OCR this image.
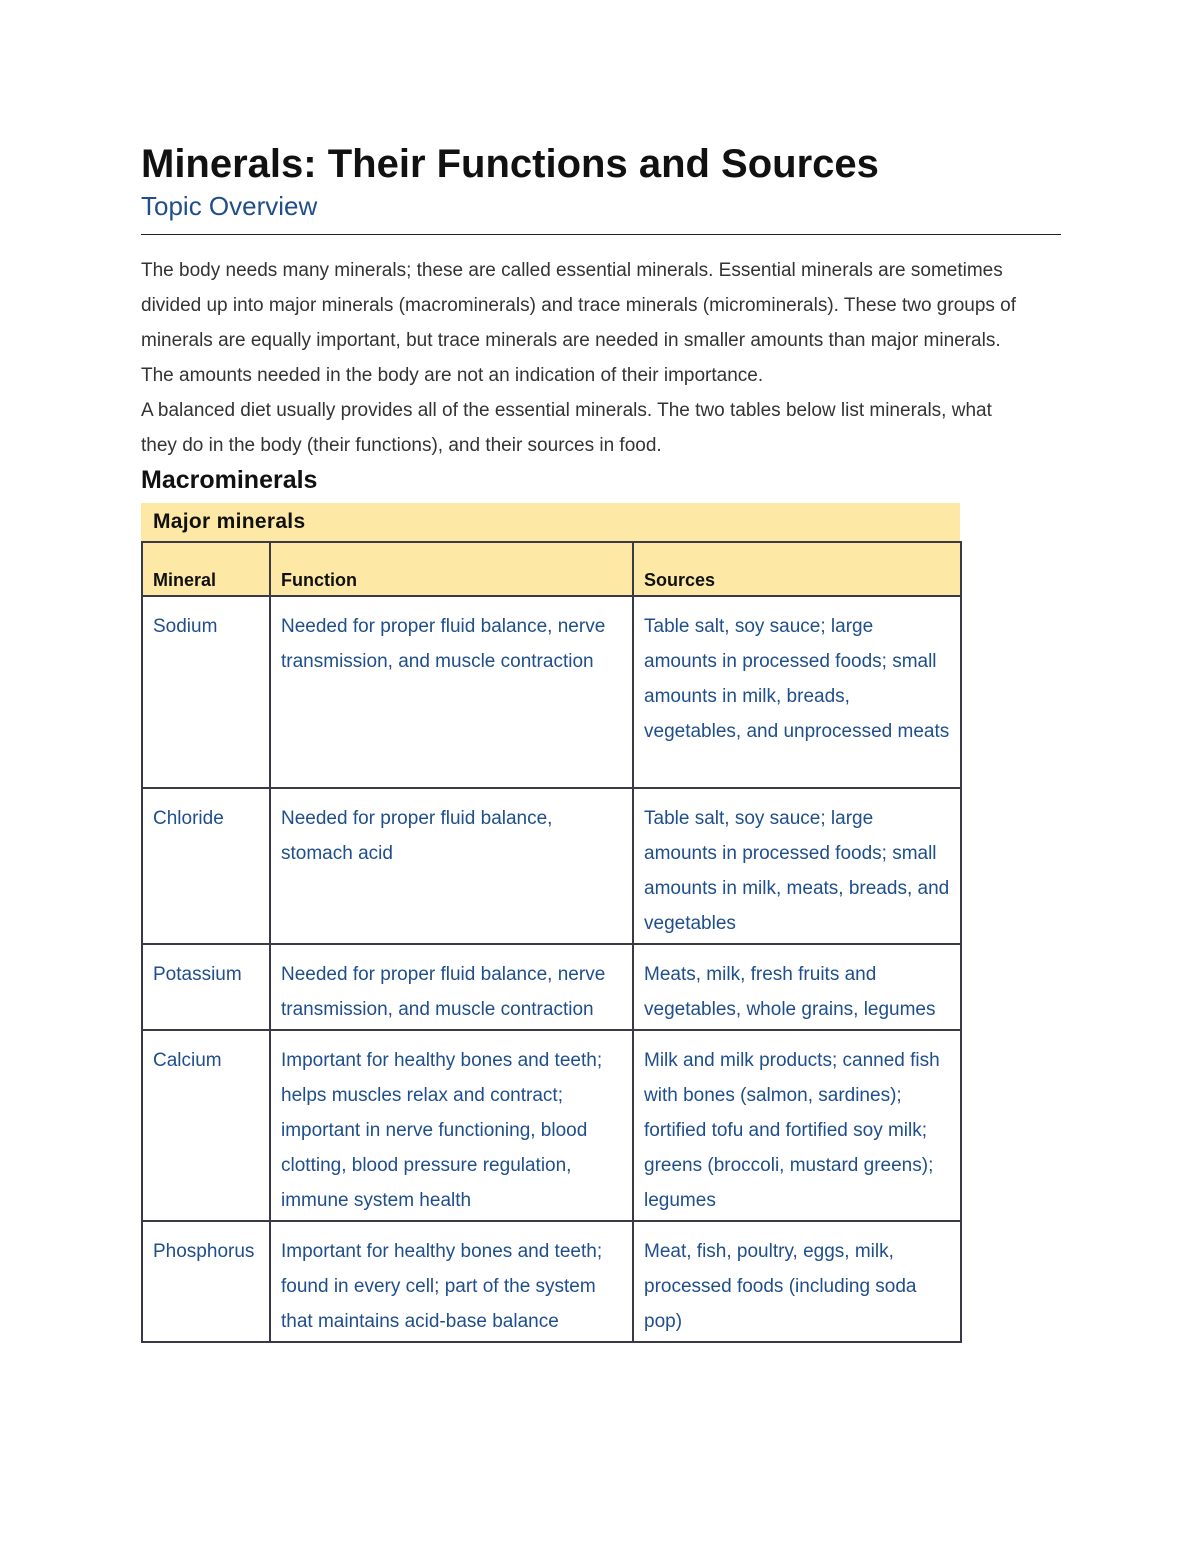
Minerals: Their Functions and Sources
Topic Overview

The body needs many minerals; these are called essential minerals. Essential minerals are sometimes divided up into major minerals (macrominerals) and trace minerals (microminerals). These two groups of minerals are equally important, but trace minerals are needed in smaller amounts than major minerals. The amounts needed in the body are not an indication of their importance.

A balanced diet usually provides all of the essential minerals. The two tables below list minerals, what they do in the body (their functions), and their sources in food.

Macrominerals
Major minerals
Mineral	Function	Sources
Sodium	Needed for proper fluid balance, nerve transmission, and muscle contraction	Table salt, soy sauce; large amounts in processed foods; small amounts in milk, breads, vegetables, and unprocessed meats
Chloride	Needed for proper fluid balance, stomach acid	Table salt, soy sauce; large amounts in processed foods; small amounts in milk, meats, breads, and vegetables
Potassium	Needed for proper fluid balance, nerve transmission, and muscle contraction	Meats, milk, fresh fruits and vegetables, whole grains, legumes
Calcium	Important for healthy bones and teeth; helps muscles relax and contract; important in nerve functioning, blood clotting, blood pressure regulation, immune system health	Milk and milk products; canned fish with bones (salmon, sardines); fortified tofu and fortified soy milk; greens (broccoli, mustard greens); legumes
Phosphorus	Important for healthy bones and teeth; found in every cell; part of the system that maintains acid-base balance	Meat, fish, poultry, eggs, milk, processed foods (including soda pop)
